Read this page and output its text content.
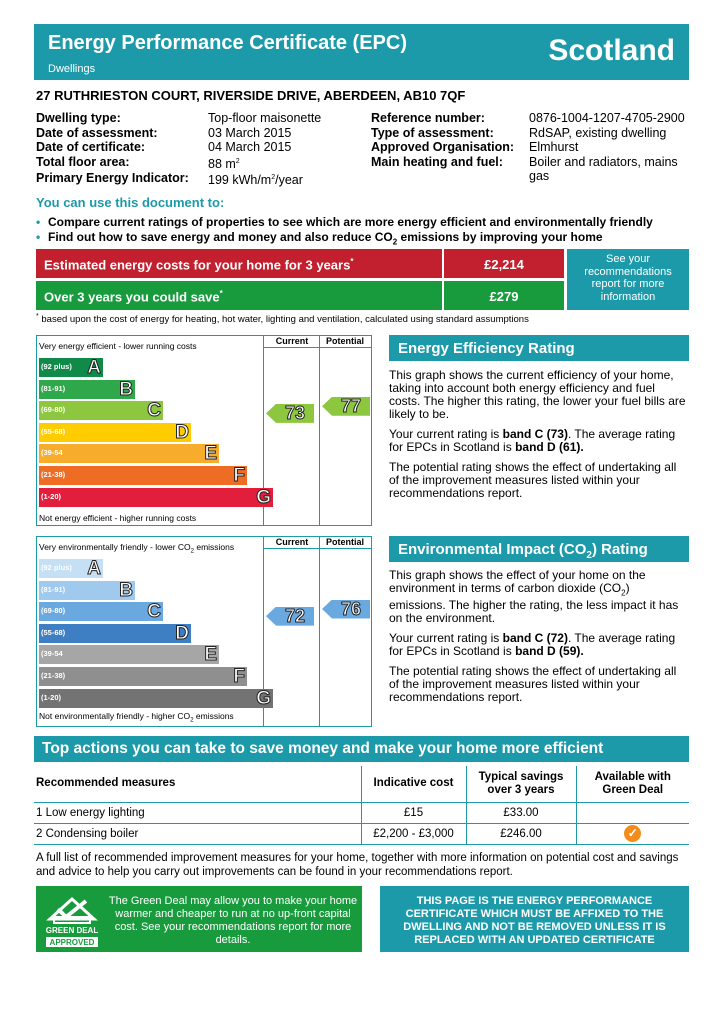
Energy Performance Certificate (EPC)
Dwellings
Scotland
27 RUTHRIESTON COURT, RIVERSIDE DRIVE, ABERDEEN, AB10 7QF
Dwelling type:	Top-floor maisonette
Date of assessment:	03 March 2015
Date of certificate:	04 March 2015
Total floor area:	88 $m^2$
Primary Energy Indicator:	199 kWh/$m^2$/year
Reference number:	0876-1004-1207-4705-2900
Type of assessment:	RdSAP, existing dwelling
Approved Organisation:	Elmhurst
Main heating and fuel:	Boiler and radiators, mains gas
You can use this document to:
• Compare current ratings of properties to see which are more energy efficient and environmentally friendly
• Find out how to save energy and money and also reduce $CO_2$ emissions by improving your home
Estimated energy costs for your home for 3 years*	£2,214
Over 3 years you could save*	£279
See your recommendations report for more information
* based upon the cost of energy for heating, hot water, lighting and ventilation, calculated using standard assumptions
Current	Potential
Very energy efficient - lower running costs
Not energy efficient - higher running costs
(92 plus) A
(81-91)	B
(69-80)	C
(55-68)	D
(39-54	E
(21-38)	F
(1-20)	G
73	77
Energy Efficiency Rating

This graph shows the current efficiency of your home, taking into account both energy efficiency and fuel costs. The higher this rating, the lower your fuel bills are likely to be.

Your current rating is band C (73). The average rating for EPCs in Scotland is band D (61).

The potential rating shows the effect of undertaking all of the improvement measures listed within your recommendations report.

Current	Potential
Very environmentally friendly - lower $CO_2$ emissions
Not environmentally friendly - higher $CO_2$ emissions
(92 plus) A
(81-91)	B
(69-80)	C
(55-68)	D
(39-54	E
(21-38)	F
(1-20)	G
72	76
Environmental Impact $(CO_2)$ Rating

This graph shows the effect of your home on the environment in terms of carbon dioxide $(CO_2)$ emissions. The higher the rating, the less impact it has on the environment.

Your current rating is band C (72). The average rating for EPCs in Scotland is band D (59).

The potential rating shows the effect of undertaking all of the improvement measures listed within your recommendations report.

Top actions you can take to save money and make your home more efficient
Recommended measures	Indicative cost	Typical savings over 3 years	Available with Green Deal
1 Low energy lighting	£15	£33.00	
2 Condensing boiler	£2,200 - £3,000	£246.00	✓
A full list of recommended improvement measures for your home, together with more information on potential cost and savings and advice to help you carry out improvements can be found in your recommendations report.
GREEN DEAL
APPROVED
The Green Deal may allow you to make your home warmer and cheaper to run at no up-front capital cost. See your recommendations report for more details.
THIS PAGE IS THE ENERGY PERFORMANCE CERTIFICATE WHICH MUST BE AFFIXED TO THE DWELLING AND NOT BE REMOVED UNLESS IT IS REPLACED WITH AN UPDATED CERTIFICATE
